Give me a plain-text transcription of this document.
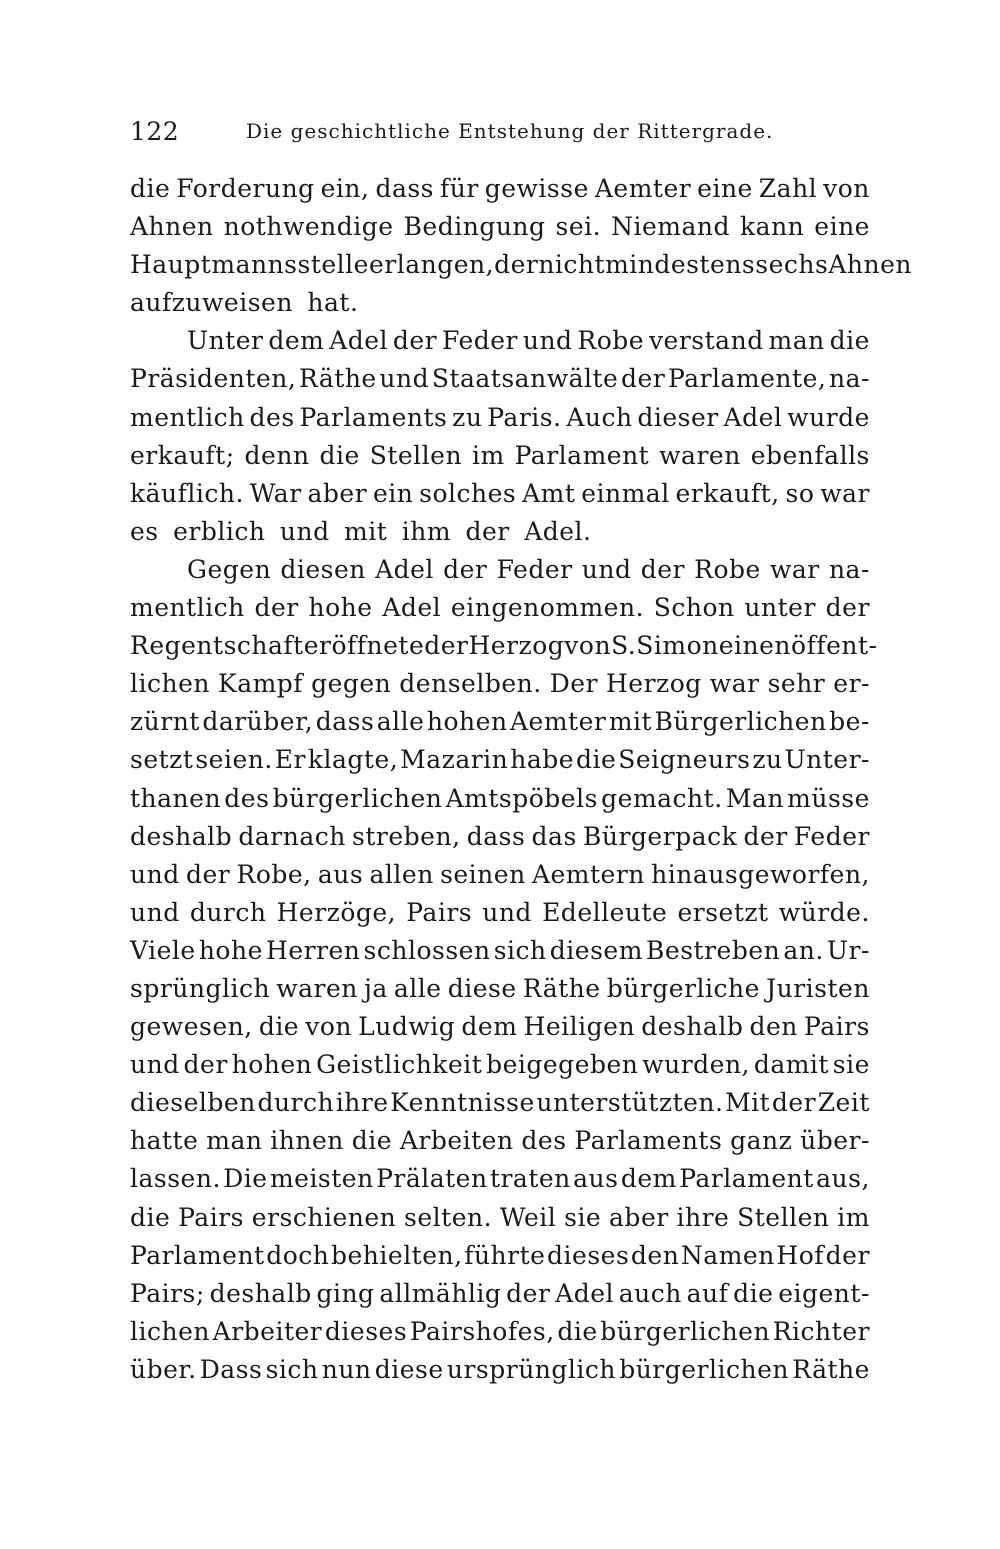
122	Die geschichtliche Entstehung der Rittergrade.
die Forderung ein, dass für gewisse Aemter eine Zahl von
Ahnen nothwendige Bedingung sei. Niemand kann eine
Hauptmannsstelle erlangen, der nicht mindestens sechs Ahnen
aufzuweisen hat.
Unter dem Adel der Feder und Robe verstand man die
Präsidenten, Räthe und Staatsanwälte der Parlamente, na-
mentlich des Parlaments zu Paris. Auch dieser Adel wurde
erkauft; denn die Stellen im Parlament waren ebenfalls
käuflich. War aber ein solches Amt einmal erkauft, so war
es erblich und mit ihm der Adel.
Gegen diesen Adel der Feder und der Robe war na-
mentlich der hohe Adel eingenommen. Schon unter der
Regentschaft eröffnete der Herzog von S. Simon einen öffent-
lichen Kampf gegen denselben. Der Herzog war sehr er-
zürnt darüber, dass alle hohen Aemter mit Bürgerlichen be-
setzt seien. Er klagte, Mazarin habe die Seigneurs zu Unter-
thanen des bürgerlichen Amtspöbels gemacht. Man müsse
deshalb darnach streben, dass das Bürgerpack der Feder
und der Robe, aus allen seinen Aemtern hinausgeworfen,
und durch Herzöge, Pairs und Edelleute ersetzt würde.
Viele hohe Herren schlossen sich diesem Bestreben an. Ur-
sprünglich waren ja alle diese Räthe bürgerliche Juristen
gewesen, die von Ludwig dem Heiligen deshalb den Pairs
und der hohen Geistlichkeit beigegeben wurden, damit sie
dieselben durch ihre Kenntnisse unterstützten. Mit der Zeit
hatte man ihnen die Arbeiten des Parlaments ganz über-
lassen. Die meisten Prälaten traten aus dem Parlament aus,
die Pairs erschienen selten. Weil sie aber ihre Stellen im
Parlament doch behielten, führte dieses den Namen Hof der
Pairs; deshalb ging allmählig der Adel auch auf die eigent-
lichen Arbeiter dieses Pairshofes, die bürgerlichen Richter
über. Dass sich nun diese ursprünglich bürgerlichen Räthe
